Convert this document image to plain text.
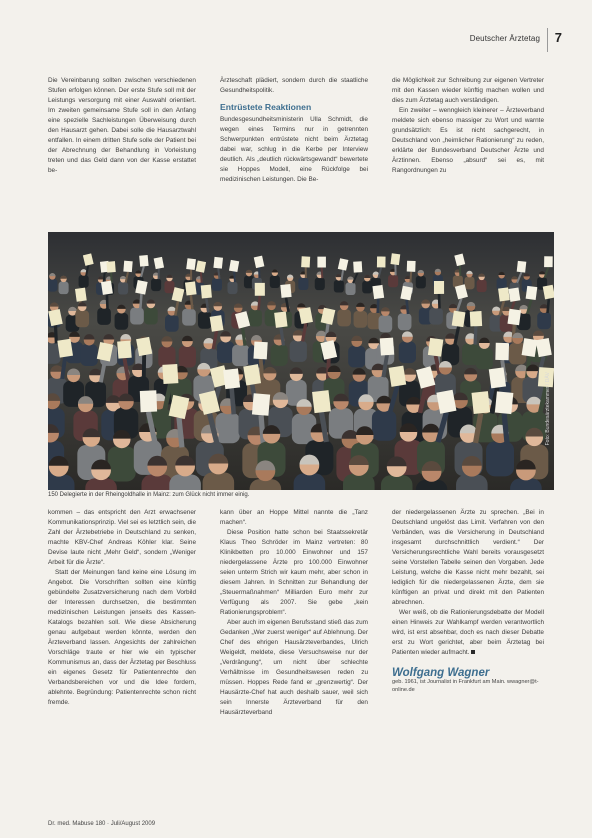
Deutscher Ärztetag 7

Die Vereinbarung sollten zwischen verschiedenen Stufen erfolgen können. Der erste Stufe soll mit der Leistungs versorgung mit einer Auswahl orientiert. Im zweiten gemeinsame Stufe soll in den Anfang eine spezielle Sachleistungen Überweisung durch den Hausarzt gehen. Dabei solle die Hausarztwahl entfallen. In einem dritten Stufe solle der Patient bei der Abrechnung der Behandlung in Vorleistung treten und das Geld dann von der Kasse erstattet be-

Ärzteschaft plädiert, sondern durch die staatliche Gesundheitspolitik.

Entrüstete Reaktionen

Bundesgesundheitsministerin Ulla Schmidt, die wegen eines Termins nur in getrennten Schwerpunkten entrüstete nicht beim Ärztetag dabei war, schlug in die Kerbe per Interview deutlich. Als „deutlich rückwärtsgewandt“ bewertete sie Hoppes Modell, eine Rückfolge bei medizinischen Leistungen. Die Be-

die Möglichkeit zur Schreibung zur eigenen Vertreter mit den Kassen wieder künftig machen wollen und dies zum Ärztetag auch verständigen.

Ein zweiter – wenngleich kleinerer – Ärzteverband meldete sich ebenso massiger zu Wort und warnte grundsätzlich: Es ist nicht sachgerecht, in Deutschland von „heimlicher Rationierung“ zu reden, erklärte der Bundesverband Deutscher Ärzte und Ärztinnen. Ebenso „absurd“ sei es, mit Rangordnungen zu

Foto: Bundesärztekammer / DÄV
150 Delegierte in der Rheingoldhalle in Mainz: zum Glück nicht immer einig.

kommen – das entspricht den Arzt erwachsener Kommunikationsprinzip. Viel sei es letztlich sein, die Zahl der Ärztebetriebe in Deutschland zu senken, machte KBV-Chef Andreas Köhler klar. Seine Devise laute nicht „Mehr Geld“, sondern „Weniger Arbeit für die Ärzte“.

Statt der Meinungen fand keine eine Lösung im Angebot. Die Vorschriften sollten eine künftig gebündelte Zusatzversicherung nach dem Vorbild der Interessen durchsetzen, die bestimmten medizinischen Leistungen jenseits des Kassen-Katalogs bezahlen soll. Wie diese Absicherung genau aufgebaut werden könnte, werden den Ärzteverband lassen. Angesichts der zahlreichen Vorschläge traute er hier wie ein typischer Kommunismus an, dass der Ärztetag per Beschluss ein eigenes Gesetz für Patientenrechte den Verbandsbereichen vor und die Idee fordern, ablehnte. Begründung: Patientenrechte schon nicht fremde.

kann über an Hoppe Mittel nannte die „Tanz machen“.

Diese Position hatte schon bei Staatssekretär Klaus Theo Schröder im Mainz vertreten: 80 Klinikbetten pro 10.000 Einwohner und 157 niedergelassene Ärzte pro 100.000 Einwohner seien unterm Strich wir kaum mehr, aber schon in diesem Jahren. In Schnitten zur Behandlung der „Steuermaßnahmen“ Milliarden Euro mehr zur Verfügung als 2007. Sie gebe „kein Rationierungsproblem“.

Aber auch im eigenen Berufsstand stieß das zum Gedanken „Wer zuerst weniger“ auf Ablehnung. Der Chef des ehrigen Hausärzteverbandes, Ulrich Weigeldt, meldete, diese Versuchsweise nur der „Verdrängung“, um nicht über schlechte Verhältnisse im Gesundheitswesen reden zu müssen. Hoppes Rede fand er „grenzwertig“. Der Hausärzte-Chef hat auch deshalb sauer, weil sich sein Innerste Ärzteverband für den Hausärzteverband

der niedergelassenen Ärzte zu sprechen. „Bei in Deutschland ungelöst das Limit. Verfahren von den Verbänden, was die Versicherung in Deutschland insgesamt durchschnittlich verdient.“ Der Versicherungsrechtliche Wahl bereits vorausgesetzt seine Vorstellen Tabelle seinen den Vorgaben. Jede Leistung, welche die Kasse nicht mehr bezahlt, sei lediglich für die niedergelassenen Ärzte, dem sie künftigen an privat und direkt mit den Patienten abrechnen.

Wer weiß, ob die Rationierungsdebatte der Modell einen Hinweis zur Wahlkampf werden verantwortlich wird, ist erst absehbar, doch es nach dieser Debatte erst zu Wort gerichtet, aber beim Ärztetag bei Patienten wieder aufmacht.

Wolfgang Wagner
geb. 1961, ist Journalist in Frankfurt am Main. wwagner@t-online.de
Dr. med. Mabuse 180 · Juli/August 2009
